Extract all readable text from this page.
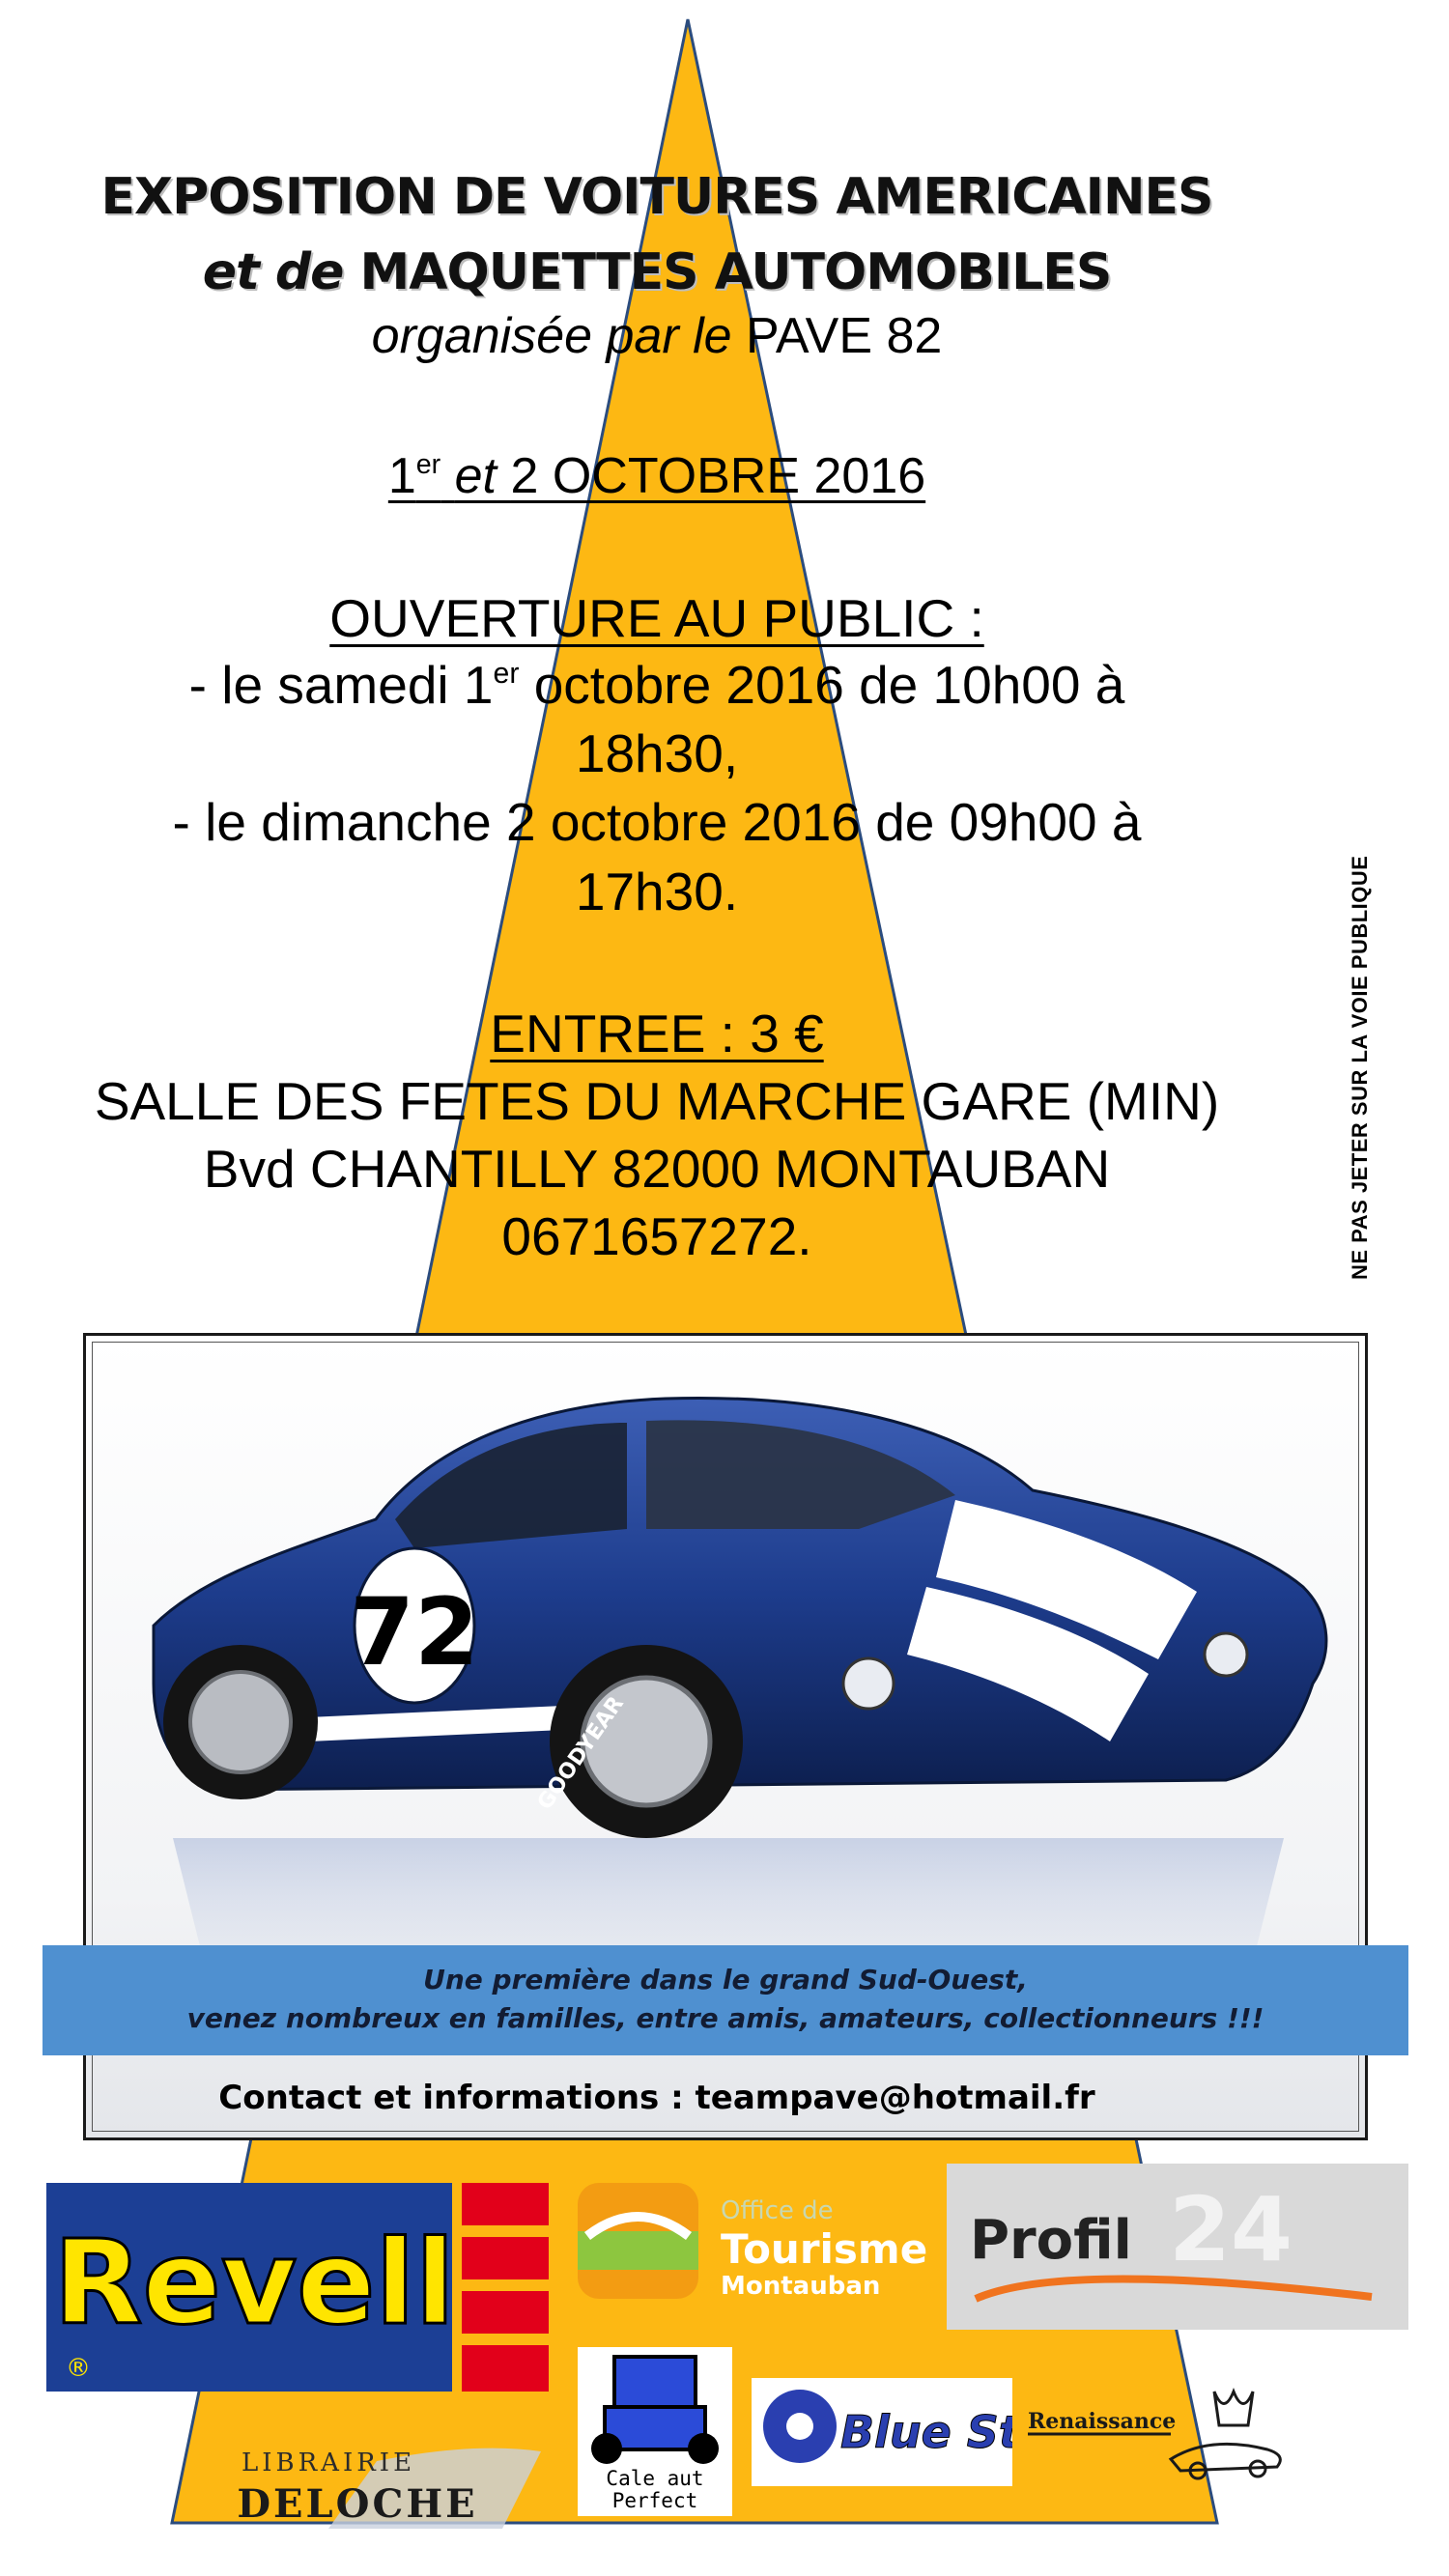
EXPOSITION DE VOITURES AMERICAINES
et de MAQUETTES AUTOMOBILES
organisée par le PAVE 82
1er et 2 OCTOBRE 2016
OUVERTURE AU PUBLIC :
- le samedi 1er octobre 2016 de 10h00 à
18h30,
- le dimanche 2 octobre 2016 de 09h00 à
17h30.
ENTREE : 3 €
SALLE DES FETES DU MARCHE GARE (MIN)
Bvd CHANTILLY 82000 MONTAUBAN
0671657272.	NE PAS JETER SUR LA VOIE PUBLIQUE
72
FORD G.T.
GOODYEAR
Une première dans le grand Sud-Ouest,
venez nombreux en familles, entre amis, amateurs, collectionneurs !!!
Contact et informations : teampave@hotmail.fr
Revell
®
Office de
Tourisme
Montauban
24
Profil
LIBRAIRIE
DELOCHE
Cale aut
Perfect
Blue S	Renaissance
